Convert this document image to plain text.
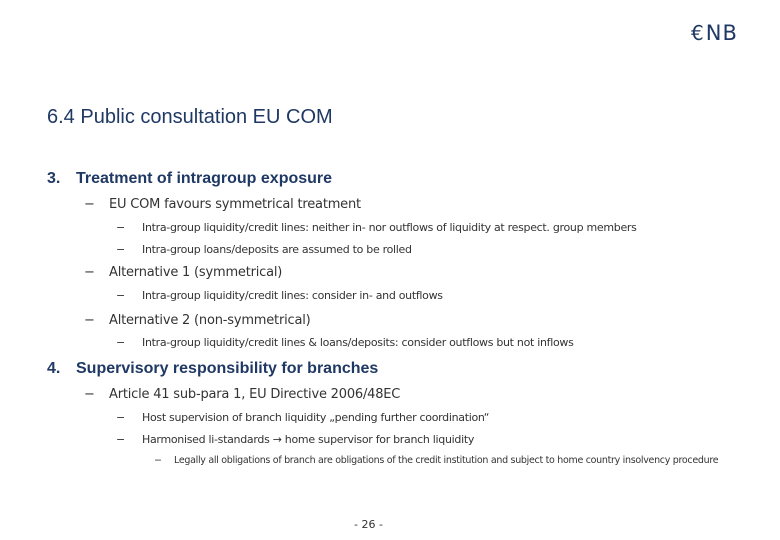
€ NB
6.4 Public consultation EU COM
3. Treatment of intragroup exposure
− EU COM favours symmetrical treatment
− Intra-group liquidity/credit lines: neither in- nor outflows of liquidity at respect. group members
− Intra-group loans/deposits are assumed to be rolled
− Alternative 1 (symmetrical)
− Intra-group liquidity/credit lines: consider in- and outflows
− Alternative 2 (non-symmetrical)
− Intra-group liquidity/credit lines & loans/deposits: consider outflows but not inflows
4. Supervisory responsibility for branches
− Article 41 sub-para 1, EU Directive 2006/48EC
− Host supervision of branch liquidity „pending further coordination“
− Harmonised li-standards → home supervisor for branch liquidity
−	Legally all obligations of branch are obligations of the credit institution and subject to home country insolvency procedure
- 26 -
